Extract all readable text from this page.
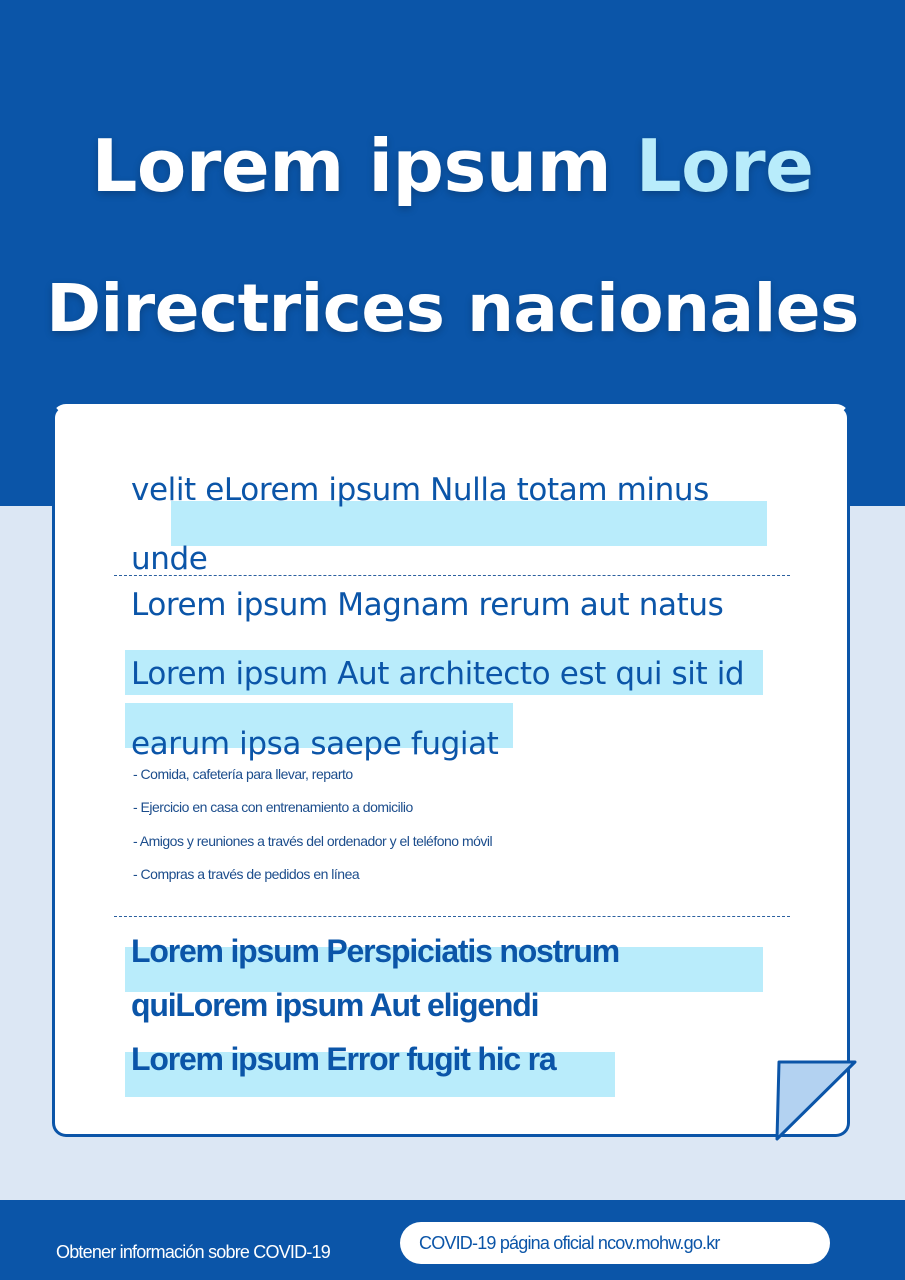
Lorem ipsum Lore
Directrices nacionales

velit eLorem ipsum Nulla totam minus

unde

Lorem ipsum Magnam rerum aut natus

Lorem ipsum Aut architecto est qui sit id

earum ipsa saepe fugiat

- Comida, cafetería para llevar, reparto
- Ejercicio en casa con entrenamiento a domicilio
- Amigos y reuniones a través del ordenador y el teléfono móvil
- Compras a través de pedidos en línea

Lorem ipsum Perspiciatis nostrum

quiLorem ipsum Aut eligendi

Lorem ipsum Error fugit hic ra

Obtener información sobre COVID-19	COVID-19 página oficial ncov.mohw.go.kr
